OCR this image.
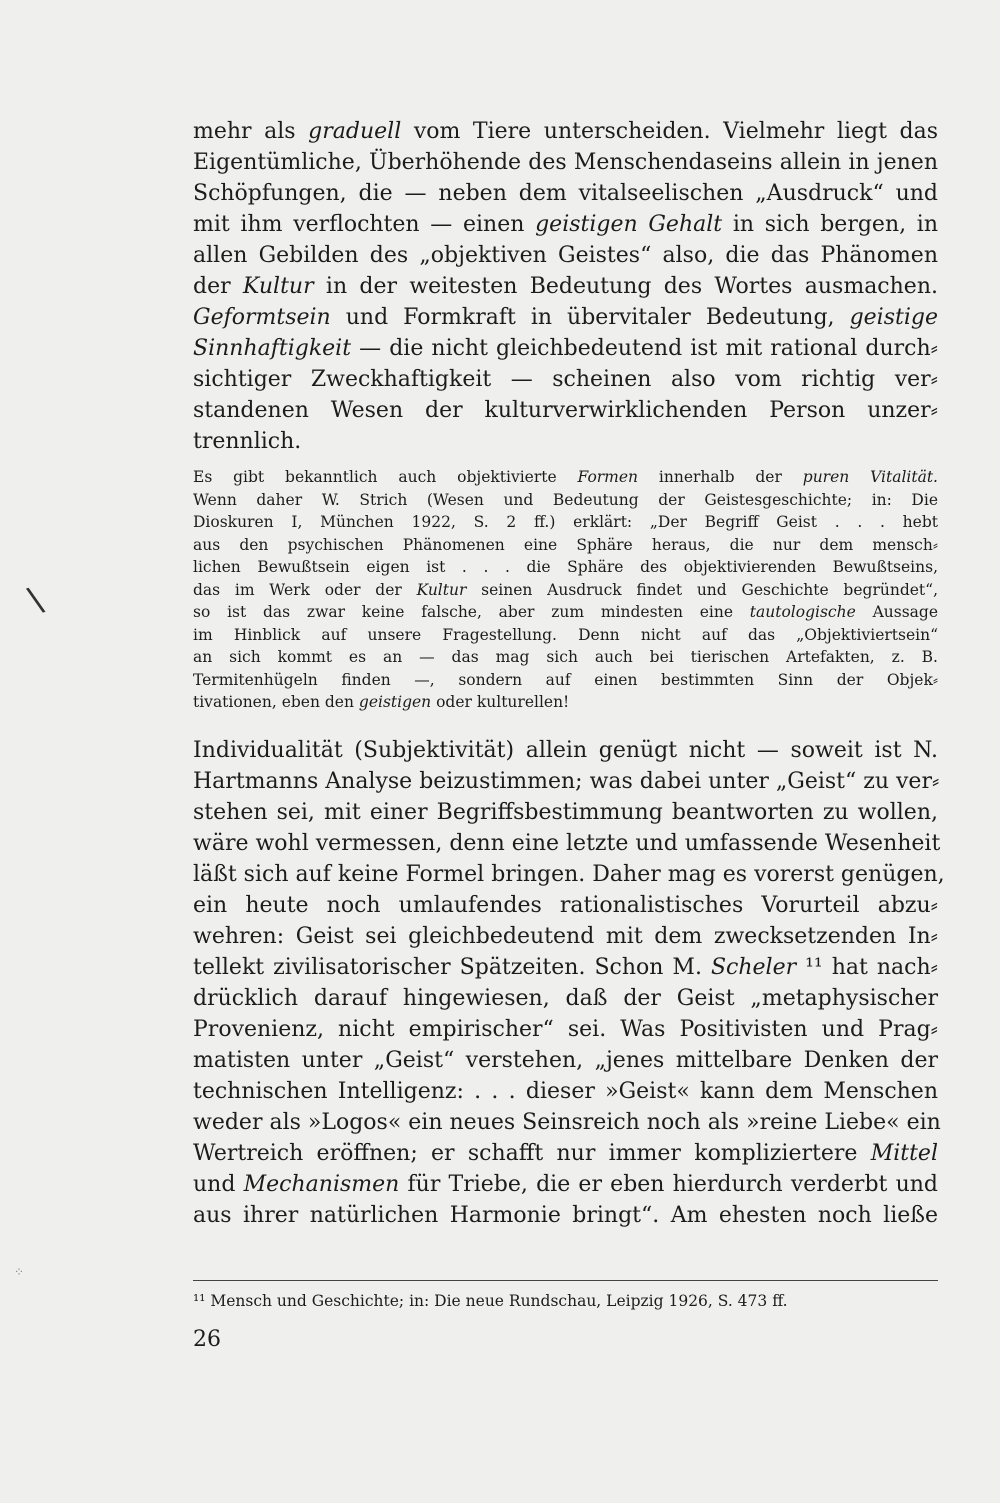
mehr als graduell vom Tiere unterscheiden. Vielmehr liegt das
Eigentümliche, Überhöhende des Menschendaseins allein in jenen
Schöpfungen, die — neben dem vitalseelischen „Ausdruck“ und
mit ihm verflochten — einen geistigen Gehalt in sich bergen, in
allen Gebilden des „objektiven Geistes“ also, die das Phänomen
der Kultur in der weitesten Bedeutung des Wortes ausmachen.
Geformtsein und Formkraft in übervitaler Bedeutung, geistige
Sinnhaftigkeit — die nicht gleichbedeutend ist mit rational durch⸗
sichtiger Zweckhaftigkeit — scheinen also vom richtig ver⸗
standenen Wesen der kulturverwirklichenden Person unzer⸗
trennlich.
Es gibt bekanntlich auch objektivierte Formen innerhalb der puren Vitalität.
Wenn daher W. Strich (Wesen und Bedeutung der Geistesgeschichte; in: Die
Dioskuren I, München 1922, S. 2 ff.) erklärt: „Der Begriff Geist . . . hebt
aus den psychischen Phänomenen eine Sphäre heraus, die nur dem mensch⸗
lichen Bewußtsein eigen ist . . . die Sphäre des objektivierenden Bewußtseins,
das im Werk oder der Kultur seinen Ausdruck findet und Geschichte begründet“,
so ist das zwar keine falsche, aber zum mindesten eine tautologische Aussage
im Hinblick auf unsere Fragestellung. Denn nicht auf das „Objektiviertsein“
an sich kommt es an — das mag sich auch bei tierischen Artefakten, z. B.
Termitenhügeln finden —, sondern auf einen bestimmten Sinn der Objek⸗
tivationen, eben den geistigen oder kulturellen!
Individualität (Subjektivität) allein genügt nicht — soweit ist N.
Hartmanns Analyse beizustimmen; was dabei unter „Geist“ zu ver⸗
stehen sei, mit einer Begriffsbestimmung beantworten zu wollen,
wäre wohl vermessen, denn eine letzte und umfassende Wesenheit
läßt sich auf keine Formel bringen. Daher mag es vorerst genügen,
ein heute noch umlaufendes rationalistisches Vorurteil abzu⸗
wehren: Geist sei gleichbedeutend mit dem zwecksetzenden In⸗
tellekt zivilisatorischer Spätzeiten. Schon M. Scheler ¹¹ hat nach⸗
drücklich darauf hingewiesen, daß der Geist „metaphysischer
Provenienz, nicht empirischer“ sei. Was Positivisten und Prag⸗
matisten unter „Geist“ verstehen, „jenes mittelbare Denken der
technischen Intelligenz: . . . dieser »Geist« kann dem Menschen
weder als »Logos« ein neues Seinsreich noch als »reine Liebe« ein
Wertreich eröffnen; er schafft nur immer kompliziertere Mittel
und Mechanismen für Triebe, die er eben hierdurch verderbt und
aus ihrer natürlichen Harmonie bringt“. Am ehesten noch ließe
¹¹ Mensch und Geschichte; in: Die neue Rundschau, Leipzig 1926, S. 473 ff.
26
\
⁘
